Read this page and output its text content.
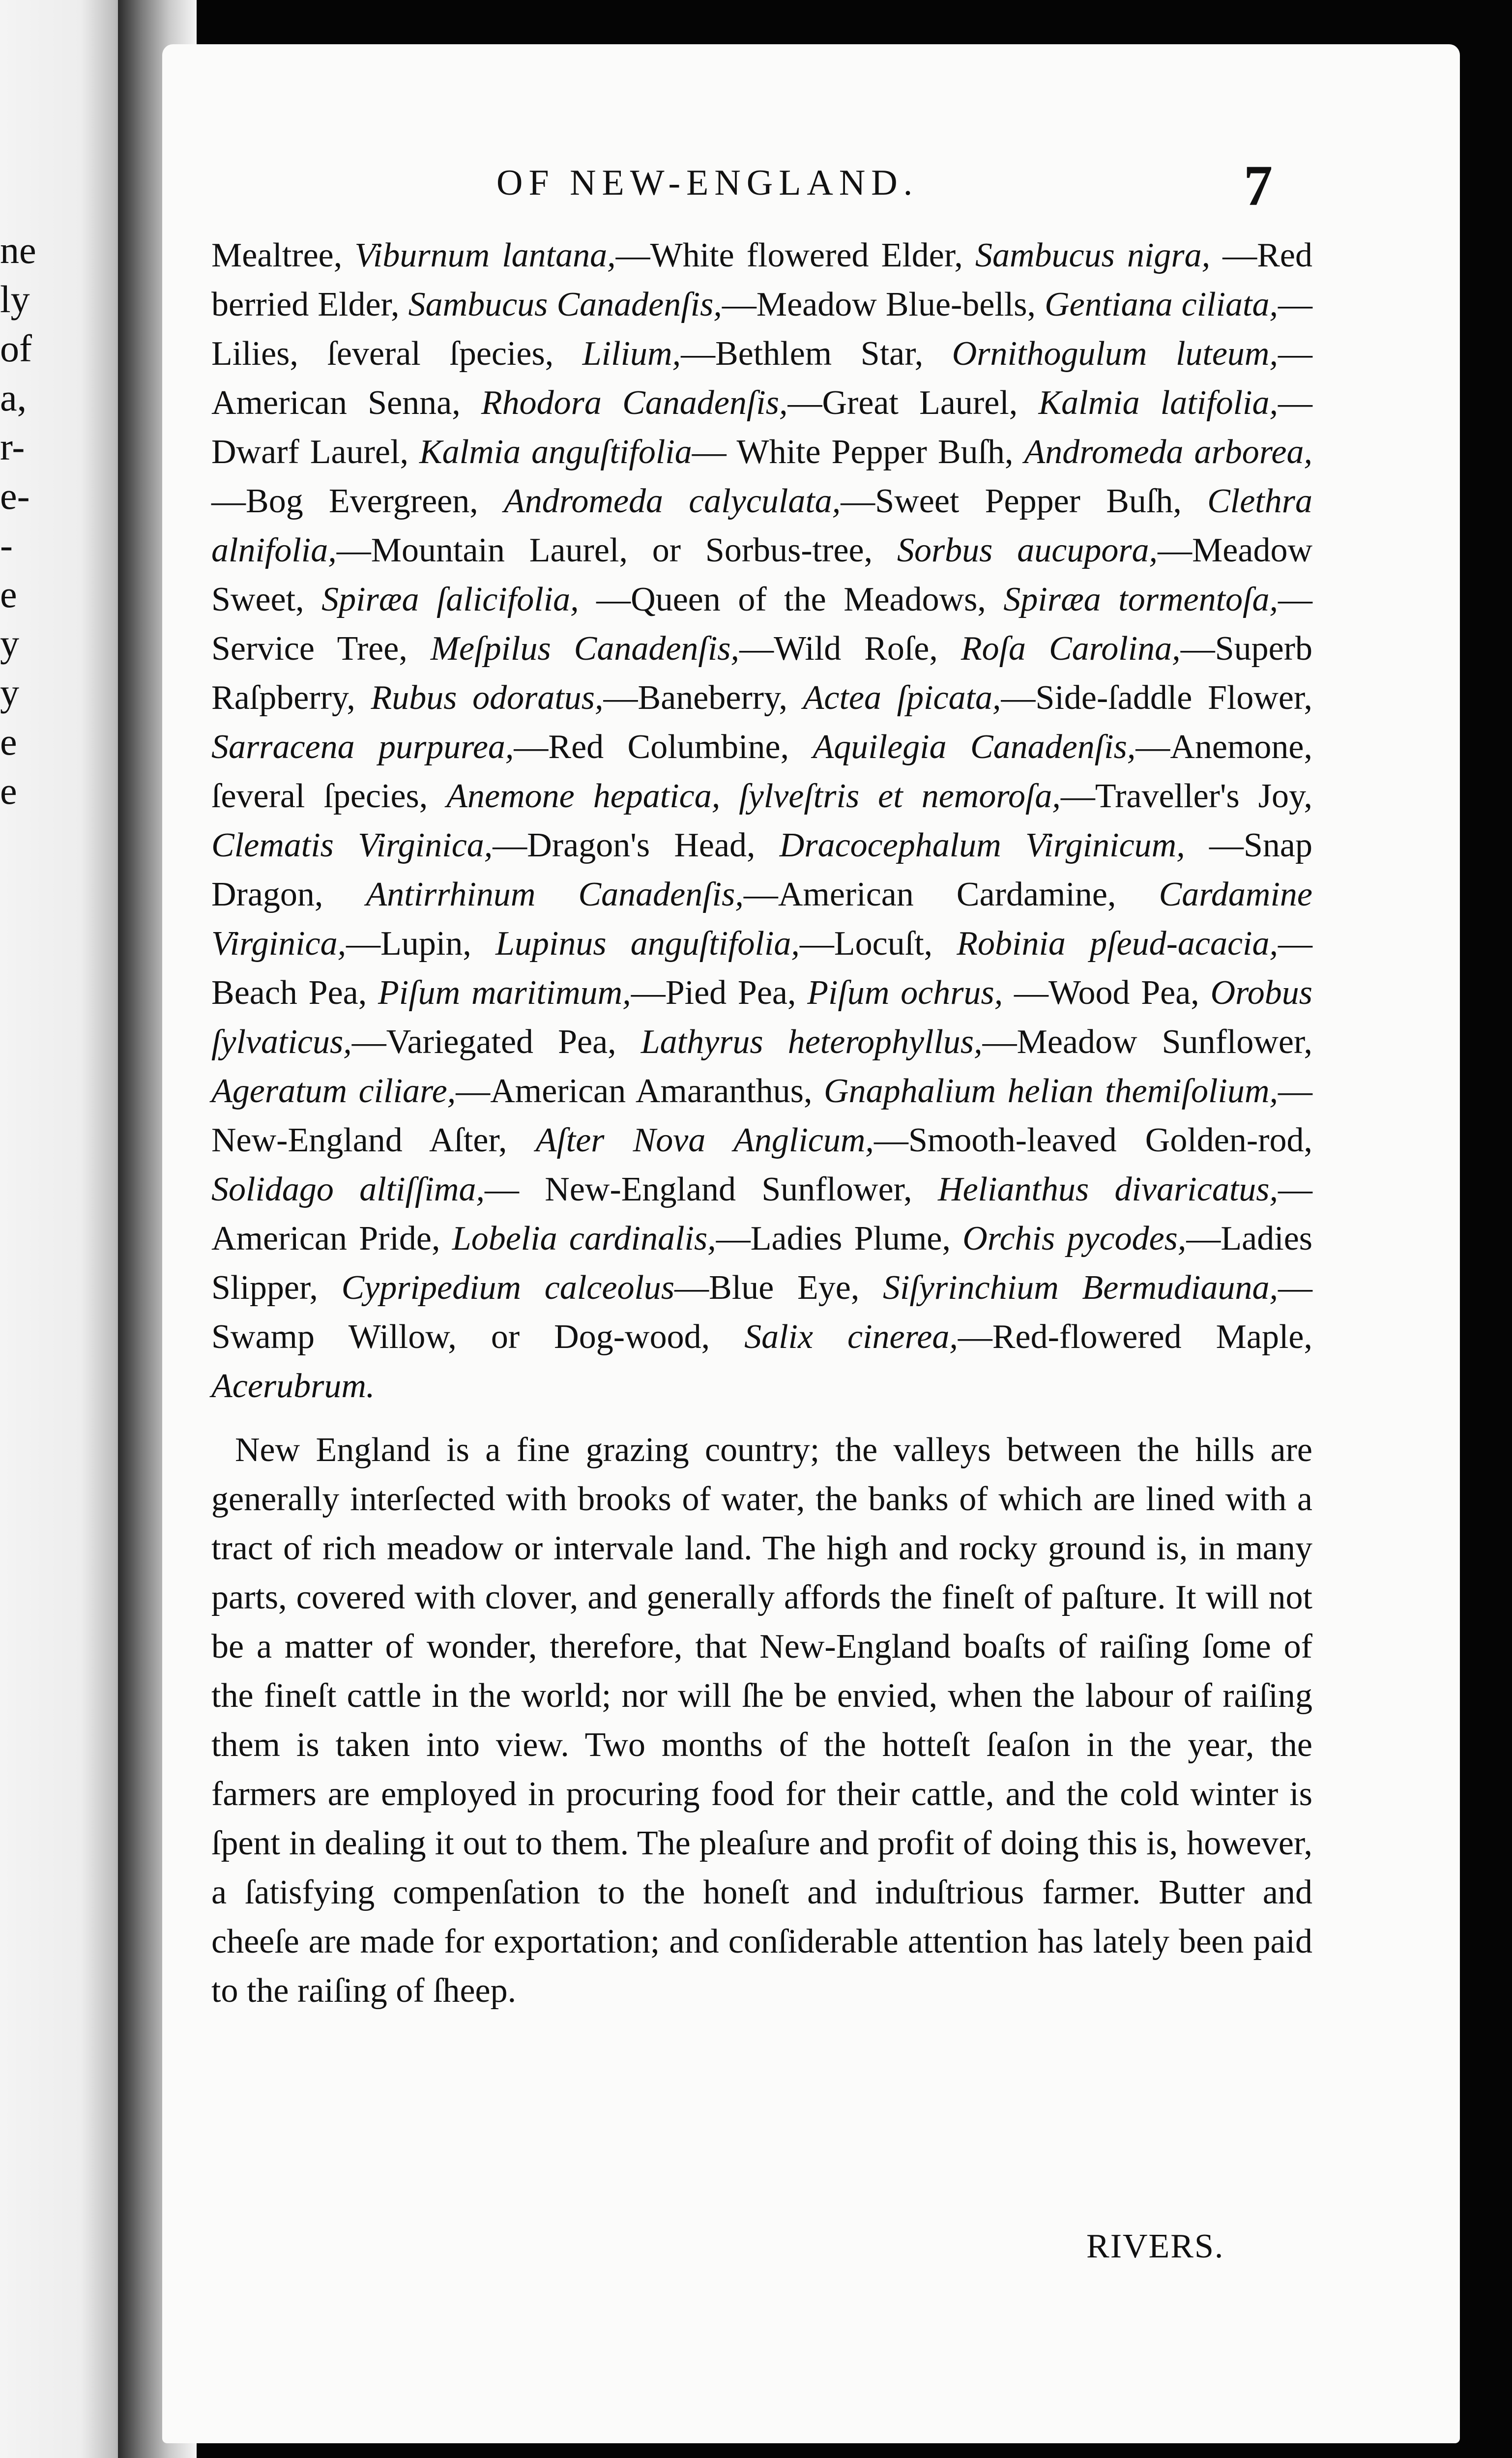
ne
ly
of
a,
r-
e-
-
e
y
y
e
e
OF NEW-ENGLAND.	7

Mealtree, Viburnum lantana,—White flowered Elder, Sambucus nigra, —Red berried Elder, Sambucus Canadenſis,—Meadow Blue-bells, Gentiana ciliata,—Lilies, ſeveral ſpecies, Lilium,—Bethlem Star, Ornithogulum luteum,—American Senna, Rhodora Canadenſis,—Great Laurel, Kalmia latifolia,—Dwarf Laurel, Kalmia anguſtifolia— White Pepper Buſh, Andromeda arborea,—Bog Evergreen, Andromeda calyculata,—Sweet Pepper Buſh, Clethra alnifolia,—Mountain Laurel, or Sorbus-tree, Sorbus aucupora,—Meadow Sweet, Spiræa ſalicifolia, —Queen of the Meadows, Spiræa tormentoſa,—Service Tree, Meſpilus Canadenſis,—Wild Roſe, Roſa Carolina,—Superb Raſpberry, Rubus odoratus,—Baneberry, Actea ſpicata,—Side-ſaddle Flower, Sarracena purpurea,—Red Columbine, Aquilegia Canadenſis,—Anemone, ſeveral ſpecies, Anemone hepatica, ſylveſtris et nemoroſa,—Traveller's Joy, Clematis Virginica,—Dragon's Head, Dracocephalum Virginicum, —Snap Dragon, Antirrhinum Canadenſis,—American Cardamine, Cardamine Virginica,—Lupin, Lupinus anguſtifolia,—Locuſt, Robinia pſeud-acacia,—Beach Pea, Piſum maritimum,—Pied Pea, Piſum ochrus, —Wood Pea, Orobus ſylvaticus,—Variegated Pea, Lathyrus heterophyllus,—Meadow Sunflower, Ageratum ciliare,—American Amaranthus, Gnaphalium helian themiſolium,—New-England Aſter, Aſter Nova Anglicum,—Smooth-leaved Golden-rod, Solidago altiſſima,— New-England Sunflower, Helianthus divaricatus,—American Pride, Lobelia cardinalis,—Ladies Plume, Orchis pycodes,—Ladies Slipper, Cypripedium calceolus—Blue Eye, Siſyrinchium Bermudiauna,—Swamp Willow, or Dog-wood, Salix cinerea,—Red-flowered Maple, Acerubrum.

New England is a fine grazing country; the valleys between the hills are generally interſected with brooks of water, the banks of which are lined with a tract of rich meadow or intervale land. The high and rocky ground is, in many parts, covered with clover, and generally affords the fineſt of paſture. It will not be a matter of wonder, therefore, that New-England boaſts of raiſing ſome of the fineſt cattle in the world; nor will ſhe be envied, when the labour of raiſing them is taken into view. Two months of the hotteſt ſeaſon in the year, the farmers are employed in procuring food for their cattle, and the cold winter is ſpent in dealing it out to them. The pleaſure and profit of doing this is, however, a ſatisfying compenſation to the honeſt and induſtrious farmer. Butter and cheeſe are made for exportation; and conſiderable attention has lately been paid to the raiſing of ſheep.

RIVERS.
